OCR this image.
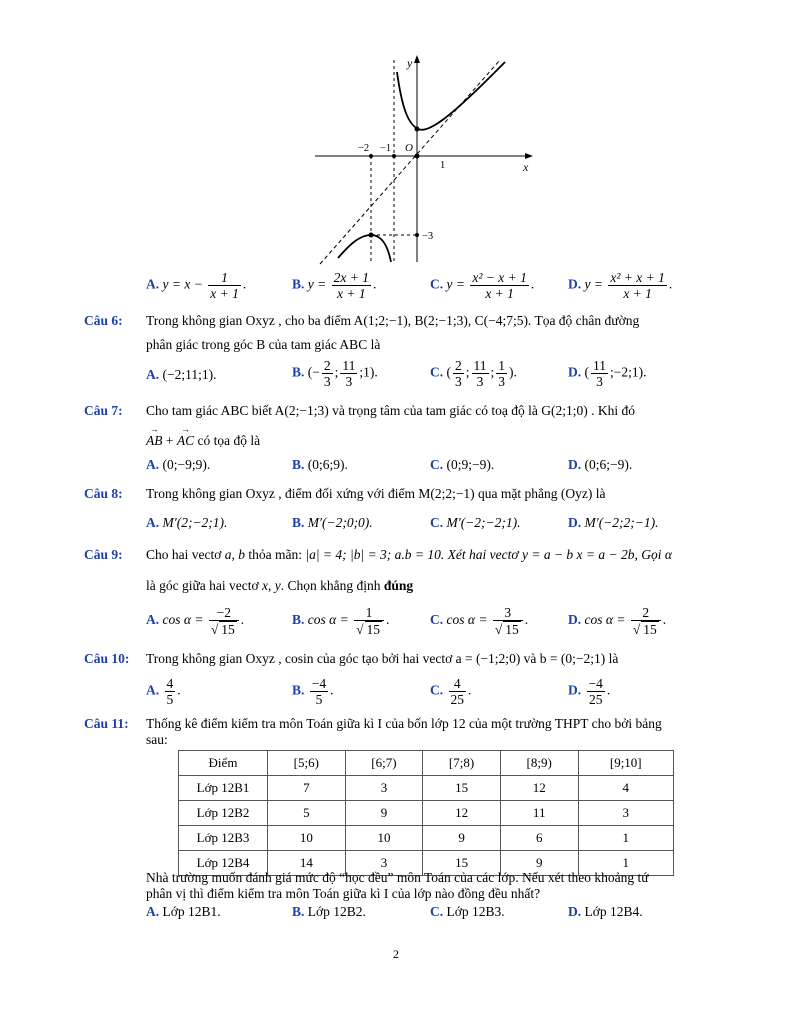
y
x
O
−2 −1
1
−3
A. $y = x - \frac{1}{x + 1}$ .	B. $y = \frac{2x + 1}{x + 1}$ .	C. $y = \frac{\text{x² − x + 1}}{x + 1}$ .	D. $y = \frac{\text{x² + x + 1}}{x + 1}$ .
Câu 6: Trong không gian Oxyz , cho ba điểm A(1;2;−1), B(2;−1;3), C(−4;7;5). Tọa độ chân đường
phân giác trong góc B của tam giác ABC là
A. (−2;11;1).	B. (− $\frac{2}{3}$ ; $\frac{11}{3}$ ;1).	C. ( $\frac{2}{3}$ ; $\frac{11}{3}$ ; $\frac{1}{3}$ ).	D. ( $\frac{11}{3}$ ;−2;1).
Câu 7: Cho tam giác ABC biết A(2;−1;3) và trọng tâm của tam giác có toạ độ là G(2;1;0) . Khi đó
→ AB + → AC có tọa độ là
A. (0;−9;9).	B. (0;6;9).	C. (0;9;−9).	D. (0;6;−9).
Câu 8: Trong không gian Oxyz , điểm đối xứng với điểm M(2;2;−1) qua mặt phẳng (Oyz) là
A. M′(2;−2;1).	B. M′(−2;0;0).	C. M′(−2;−2;1).	D. M′(−2;2;−1).
Câu 9: Cho hai vectơ a, b thỏa mãn: |a| = 4; |b| = 3; a.b = 10. Xét hai vectơ y = a − b x = a − 2b, Gọi α
là góc giữa hai vectơ x, y. Chọn khẳng định đúng
A. $\cos \alpha = \frac{-2}{√ 15}$ .	B. $\cos \alpha = \frac{1}{√ 15}$ .	C. $\cos \alpha = \frac{3}{√ 15}$ .	D. $\cos \alpha = \frac{2}{√ 15}$ .
Câu 10: Trong không gian Oxyz , cosin của góc tạo bởi hai vectơ a = (−1;2;0) và b = (0;−2;1) là
A. $\frac{4}{5}$ .	B. $\frac{-4}{5}$ .	C. $\frac{4}{25}$ .	D. $\frac{-4}{25}$ .
Câu 11: Thống kê điểm kiểm tra môn Toán giữa kì I của bốn lớp 12 của một trường THPT cho bởi bảng
sau:
Điểm	[5;6)	[6;7)	[7;8)	[8;9)	[9;10]
Lớp 12B1	7	3	15	12	4
Lớp 12B2	5	9	12	11	3
Lớp 12B3	10	10	9	6	1
Lớp 12B4	14	3	15	9	1
Nhà trường muốn đánh giá mức độ “học đều” môn Toán của các lớp. Nếu xét theo khoảng tứ
phân vị thì điểm kiểm tra môn Toán giữa kì I của lớp nào đồng đều nhất?
A. Lớp 12B1.	B. Lớp 12B2.	C. Lớp 12B3.	D. Lớp 12B4.
2
